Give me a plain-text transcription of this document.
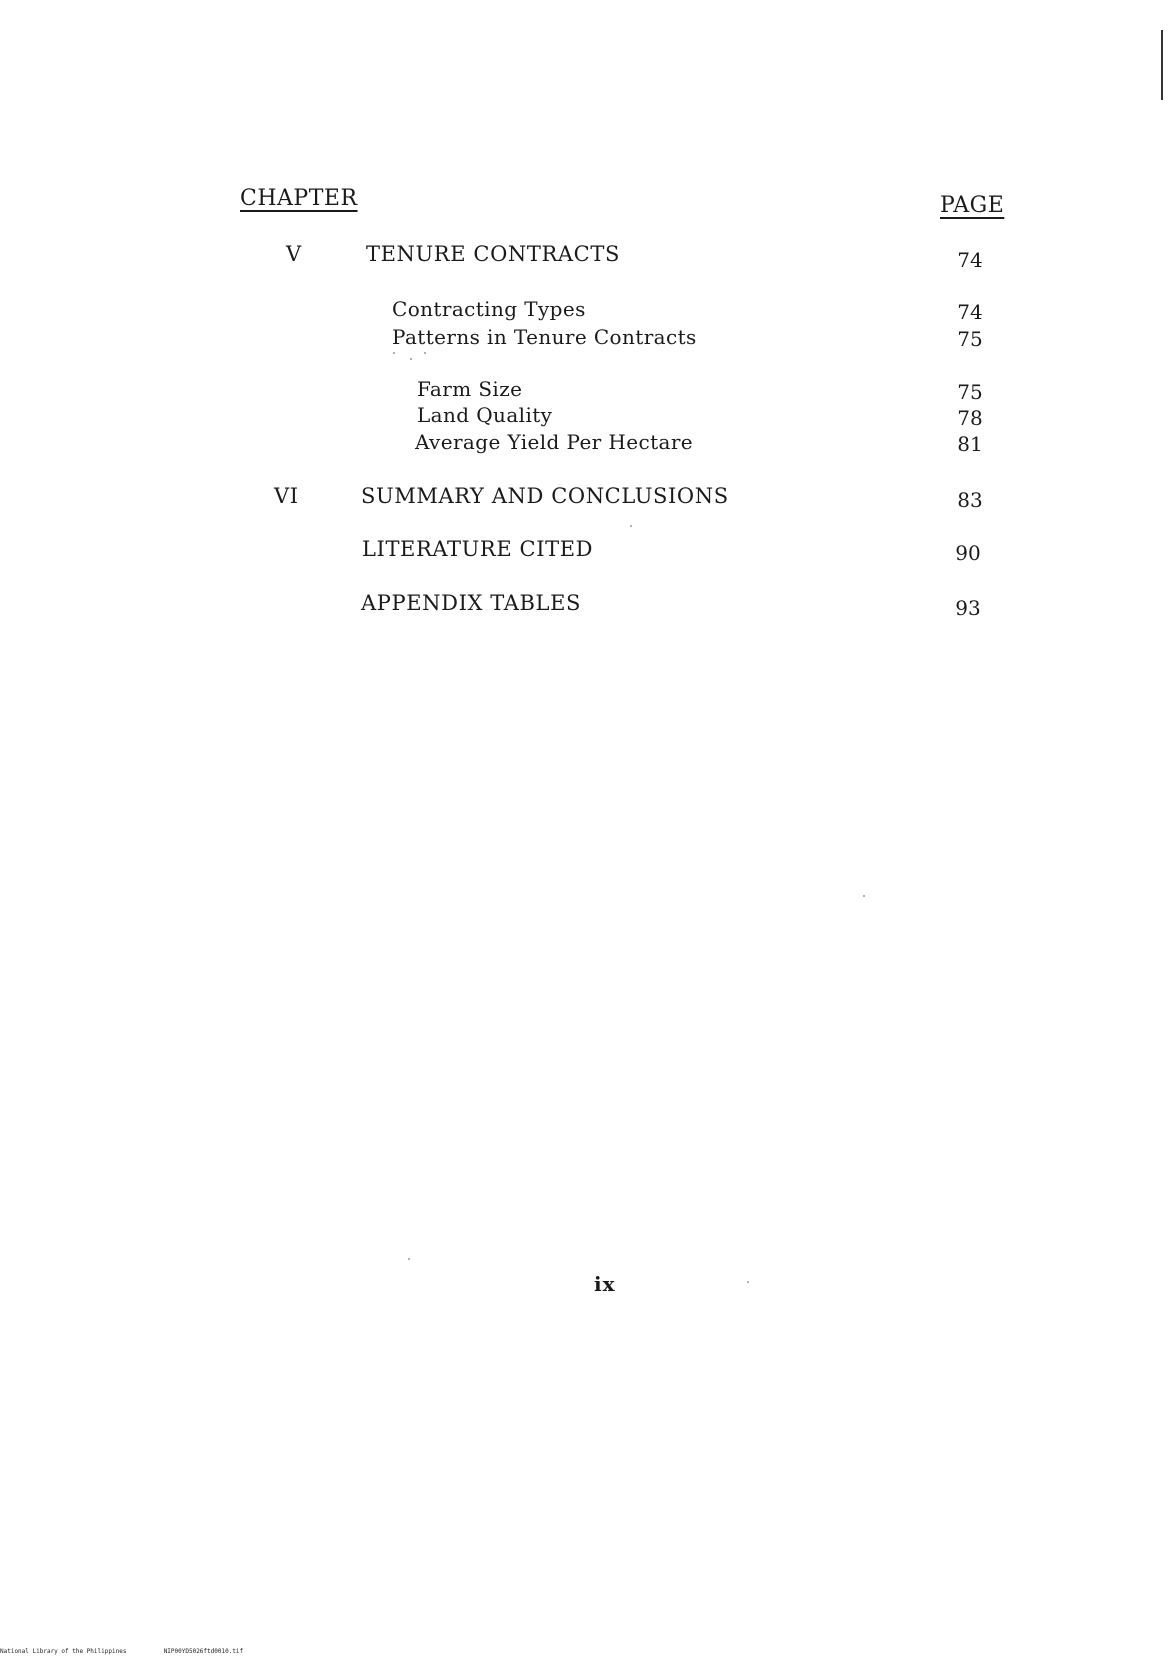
CHAPTER	PAGE
V	TENURE CONTRACTS	74
Contracting Types	74
Patterns in Tenure Contracts	75
Farm Size	75
Land Quality	78
Average Yield Per Hectare	81
VI	SUMMARY AND CONCLUSIONS	83
LITERATURE CITED	90
APPENDIX TABLES	93
ix
National Library of the Philippines	NIP00YD5026ftd0010.tif
